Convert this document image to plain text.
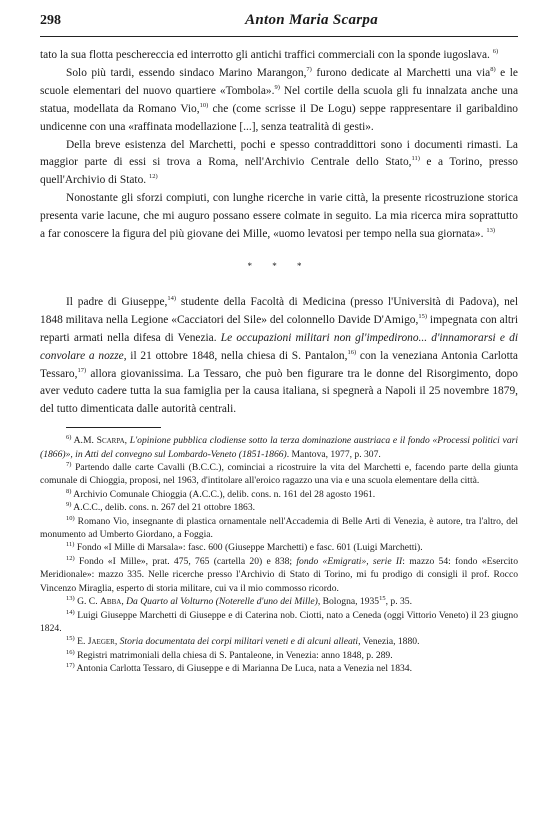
298	Anton Maria Scarpa

tato la sua flotta peschereccia ed interrotto gli antichi traffici commerciali con la sponde iugoslava. $^{6)}$

Solo più tardi, essendo sindaco Marino Marangon,$^{7)}$ furono dedicate al Marchetti una via$^{8)}$ e le scuole elementari del nuovo quartiere «Tombola».$^{9)}$ Nel cortile della scuola gli fu innalzata anche una statua, modellata da Romano Vio,$^{10)}$ che (come scrisse il De Logu) seppe rappresentare il garibaldino undicenne con una «raffinata modellazione [...], senza teatralità di gesti».

Della breve esistenza del Marchetti, pochi e spesso contraddittori sono i documenti rimasti. La maggior parte di essi si trova a Roma, nell'Archivio Centrale dello Stato,$^{11)}$ e a Torino, presso quell'Archivio di Stato. $^{12)}$

Nonostante gli sforzi compiuti, con lunghe ricerche in varie città, la presente ricostruzione storica presenta varie lacune, che mi auguro possano essere colmate in seguito. La mia ricerca mira soprattutto a far conoscere la figura del più giovane dei Mille, «uomo levatosi per tempo nella sua giornata». $^{13)}$

* * *

Il padre di Giuseppe,$^{14)}$ studente della Facoltà di Medicina (presso l'Università di Padova), nel 1848 militava nella Legione «Cacciatori del Sile» del colonnello Davide D'Amigo,$^{15)}$ impegnata con altri reparti armati nella difesa di Venezia. Le occupazioni militari non gl'impedirono... d'innamorarsi e di convolare a nozze, il 21 ottobre 1848, nella chiesa di S. Pantalon,$^{16)}$ con la veneziana Antonia Carlotta Tessaro,$^{17)}$ allora giovanissima. La Tessaro, che può ben figurare tra le donne del Risorgimento, dopo aver veduto cadere tutta la sua famiglia per la causa italiana, si spegnerà a Napoli il 25 novembre 1879, del tutto dimenticata dalle autorità centrali.

$^{6)}$ A.M. Scarpa, L'opinione pubblica clodiense sotto la terza dominazione austriaca e il fondo «Processi politici vari (1866)», in Atti del convegno sul Lombardo-Veneto (1851-1866). Mantova, 1977, p. 307.

$^{7)}$ Partendo dalle carte Cavalli (B.C.C.), cominciai a ricostruire la vita del Marchetti e, facendo parte della giunta comunale di Chioggia, proposi, nel 1963, d'intitolare all'eroico ragazzo una via e una scuola elementare della città.

$^{8)}$ Archivio Comunale Chioggia (A.C.C.), delib. cons. n. 161 del 28 agosto 1961.

$^{9)}$ A.C.C., delib. cons. n. 267 del 21 ottobre 1863.

$^{10)}$ Romano Vio, insegnante di plastica ornamentale nell'Accademia di Belle Arti di Venezia, è autore, tra l'altro, del monumento ad Umberto Giordano, a Foggia.

$^{11)}$ Fondo «I Mille di Marsala»: fasc. 600 (Giuseppe Marchetti) e fasc. 601 (Luigi Marchetti).

$^{12)}$ Fondo «I Mille», prat. 475, 765 (cartella 20) e 838; fondo «Emigrati», serie II: mazzo 54: fondo «Esercito Meridionale»: mazzo 335. Nelle ricerche presso l'Archivio di Stato di Torino, mi fu prodigo di consigli il prof. Rocco Vincenzo Miraglia, esperto di storia militare, cui va il mio commosso ricordo.

$^{13)}$ G. C. Abba, Da Quarto al Volturno (Noterelle d'uno dei Mille), Bologna, 1935$^{15}$, p. 35.

$^{14)}$ Luigi Giuseppe Marchetti di Giuseppe e di Caterina nob. Ciotti, nato a Ceneda (oggi Vittorio Veneto) il 23 giugno 1824.

$^{15)}$ E. Jaeger, Storia documentata dei corpi militari veneti e di alcuni alleati, Venezia, 1880.

$^{16)}$ Registri matrimoniali della chiesa di S. Pantaleone, in Venezia: anno 1848, p. 289.

$^{17)}$ Antonia Carlotta Tessaro, di Giuseppe e di Marianna De Luca, nata a Venezia nel 1834.
